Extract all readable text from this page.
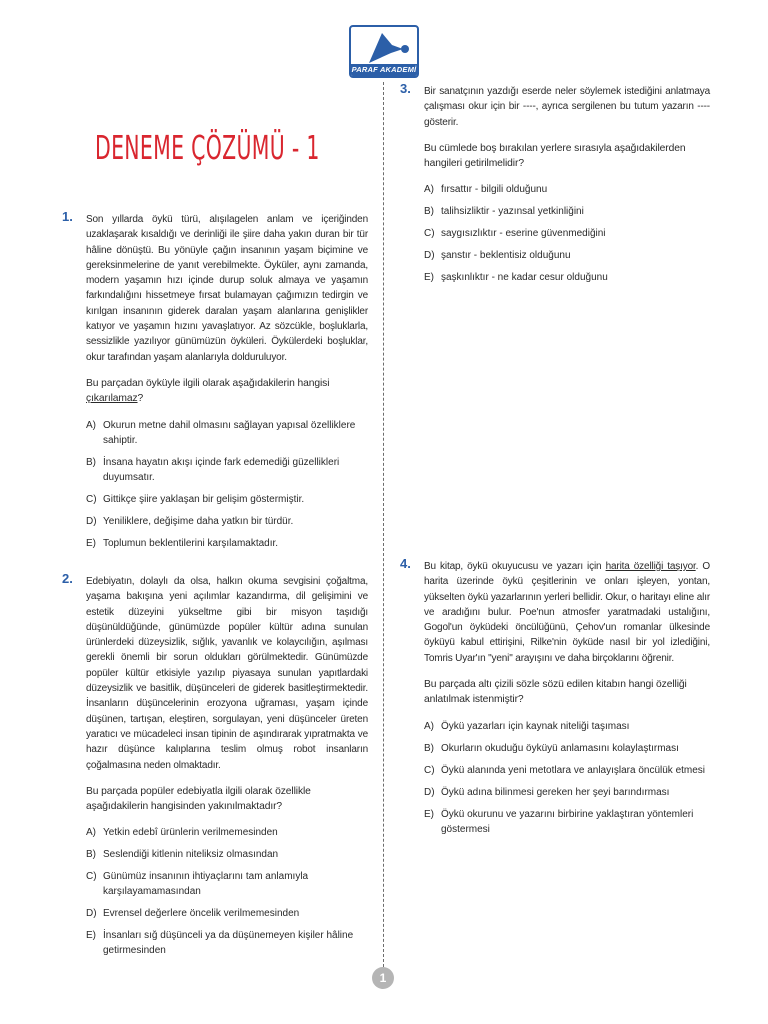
PARAF AKADEMİ
DENEME ÇÖZÜMÜ - 1
1. Son yıllarda öykü türü, alışılagelen anlam ve içeriğinden uzaklaşarak kısaldığı ve derinliği ile şiire daha yakın duran bir tür hâline dönüştü. Bu yönüyle çağın insanının yaşam biçimine ve gereksinmelerine de yanıt verebilmekte. Öyküler, aynı zamanda, modern yaşamın hızı içinde durup soluk almaya ve yaşamın farkındalığını hissetmeye fırsat bulamayan çağımızın tedirgin ve kırılgan insanının giderek daralan yaşam alanlarına genişlikler katıyor ve yaşamın hızını yavaşlatıyor. Az sözcükle, boşluklarla, sessizlikle yazılıyor günümüzün öyküleri. Öykülerdeki boşluklar, okur tarafından yaşam alanlarıyla dolduruluyor.

Bu parçadan öyküyle ilgili olarak aşağıdakilerin hangisi çıkarılamaz?

A) Okurun metne dahil olmasını sağlayan yapısal özelliklere sahiptir.
B) İnsana hayatın akışı içinde fark edemediği güzellikleri duyumsatır.
C) Gittikçe şiire yaklaşan bir gelişim göstermiştir.
D) Yeniliklere, değişime daha yatkın bir türdür.
E) Toplumun beklentilerini karşılamaktadır.
2. Edebiyatın, dolaylı da olsa, halkın okuma sevgisini çoğaltma, yaşama bakışına yeni açılımlar kazandırma, dil gelişimini ve estetik düzeyini yükseltme gibi bir misyon taşıdığı düşünüldüğünde, günümüzde popüler kültür adına sunulan ürünlerdeki düzeysizlik, sığlık, yavanlık ve kolaycılığın, aşılması gerekli önemli bir sorun oldukları görülmektedir. Günümüzde popüler kültür etkisiyle yazılıp piyasaya sunulan yapıtlardaki düzeysizlik ve basitlik, düşünceleri de giderek basitleştirmektedir. İnsanların düşüncelerinin erozyona uğraması, yaşam içinde düşünen, tartışan, eleştiren, sorgulayan, yeni düşünceler üreten yaratıcı ve mücadeleci insan tipinin de aşındırarak yıpratmakta ve hazır düşünce kalıplarına teslim olmuş robot insanların çoğalmasına neden olmaktadır.

Bu parçada popüler edebiyatla ilgili olarak özellikle aşağıdakilerin hangisinden yakınılmaktadır?

A) Yetkin edebî ürünlerin verilmemesinden
B) Seslendiği kitlenin niteliksiz olmasından
C) Günümüz insanının ihtiyaçlarını tam anlamıyla karşılayamamasından
D) Evrensel değerlere öncelik verilmemesinden
E) İnsanları sığ düşünceli ya da düşünemeyen kişiler hâline getirmesinden
3. Bir sanatçının yazdığı eserde neler söylemek istediğini anlatmaya çalışması okur için bir ----, ayrıca sergilenen bu tutum yazarın ---- gösterir.

Bu cümlede boş bırakılan yerlere sırasıyla aşağıdakilerden hangileri getirilmelidir?

A) fırsattır - bilgili olduğunu
B) talihsizliktir - yazınsal yetkinliğini
C) saygısızlıktır - eserine güvenmediğini
D) şanstır - beklentisiz olduğunu
E) şaşkınlıktır - ne kadar cesur olduğunu
4. Bu kitap, öykü okuyucusu ve yazarı için harita özelliği taşıyor. O harita üzerinde öykü çeşitlerinin ve onları işleyen, yontan, yükselten öykü yazarlarının yerleri bellidir. Okur, o haritayı eline alır ve aradığını bulur. Poe'nun atmosfer yaratmadaki ustalığını, Gogol'un öyküdeki öncülüğünü, Çehov'un romanlar ülkesinde öyküyü kabul ettirişini, Rilke'nin öyküde nasıl bir yol izlediğini, Tomris Uyar'ın "yeni" arayışını ve daha birçoklarını öğrenir.

Bu parçada altı çizili sözle sözü edilen kitabın hangi özelliği anlatılmak istenmiştir?

A) Öykü yazarları için kaynak niteliği taşıması
B) Okurların okuduğu öyküyü anlamasını kolaylaştırması
C) Öykü alanında yeni metotlara ve anlayışlara öncülük etmesi
D) Öykü adına bilinmesi gereken her şeyi barındırması
E) Öykü okurunu ve yazarını birbirine yaklaştıran yöntemleri göstermesi
1
